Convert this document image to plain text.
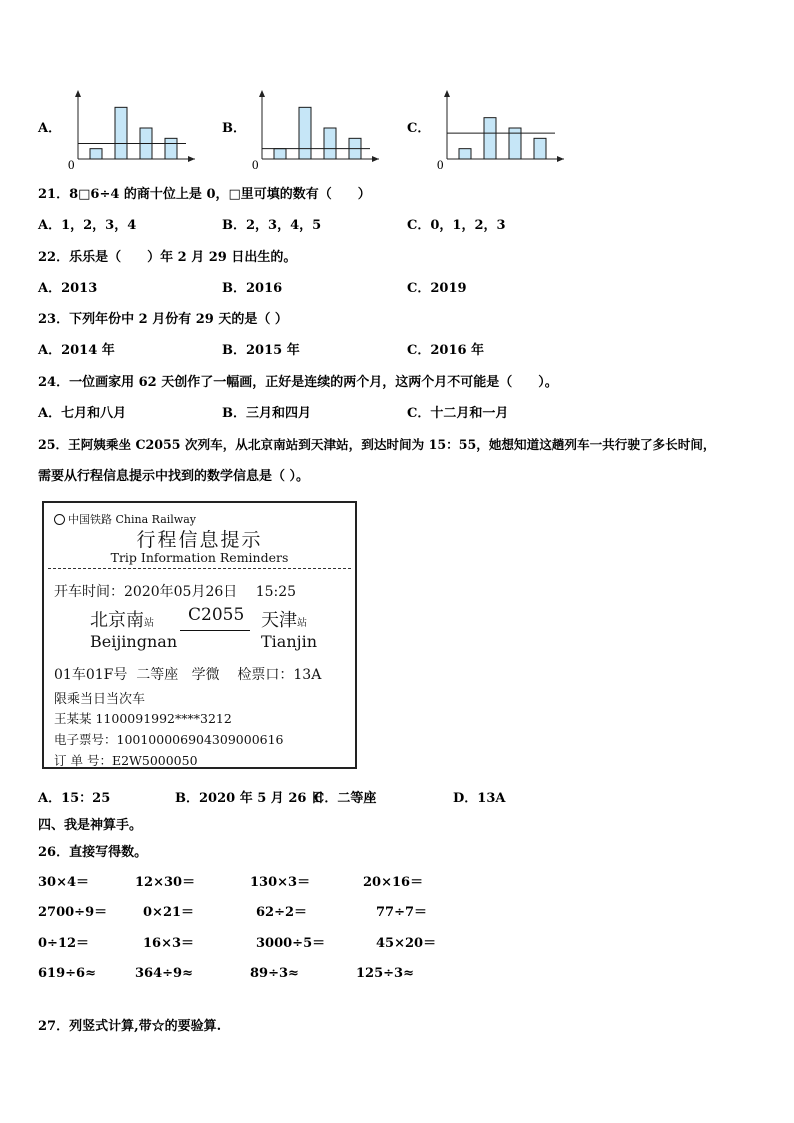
A．	B．	C．
0	0	0
21．8□6÷4 的商十位上是 0，□里可填的数有（　　）
A．1，2，3，4	B．2，3，4，5	C．0，1，2，3
22．乐乐是（　　）年 2 月 29 日出生的。
A．2013	B．2016	C．2019
23．下列年份中 2 月份有 29 天的是（ ）
A．2014 年	B．2015 年	C．2016 年
24．一位画家用 62 天创作了一幅画，正好是连续的两个月，这两个月不可能是（　　）。
A．七月和八月	B．三月和四月	C．十二月和一月
25．王阿姨乘坐 C2055 次列车，从北京南站到天津站，到达时间为 15：55，她想知道这趟列车一共行驶了多长时间，
需要从行程信息提示中找到的数学信息是（ ）。
中国铁路 China Railway
行程信息提示
Trip Information Reminders
开车时间：2020年05月26日　 15:25
北京南站
Beijingnan
C2055 天津站
Tianjin
01车01F号  二等座   学微    检票口：13A
限乘当日当次车
王某某 1100091992****3212
电子票号：10010000690430900061​6
订 单 号：E2W5000050
A．15：25	B．2020 年 5 月 26 日
C．二等座	D．13A
四、我是神算手。
26．直接写得数。
30×4＝	12×30＝	130×3＝	20×16＝
2700÷9＝	0×21＝	62÷2＝	77÷7＝
0÷12＝	16×3＝	3000÷5＝	45×20＝
619÷6≈	364÷9≈	89÷3≈	125÷3≈
27．列竖式计算,带☆的要验算.
